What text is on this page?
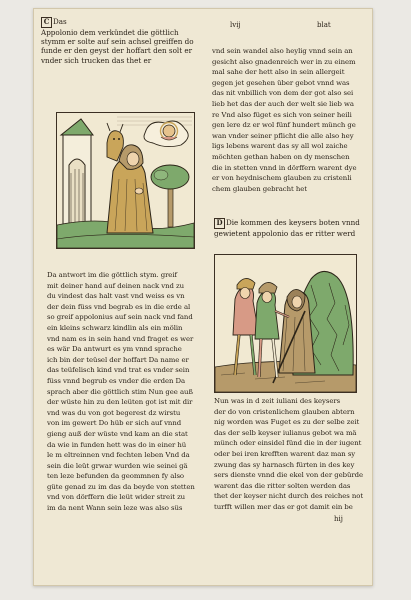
C Das
Appolonio dem verkündet die göttlich
stymm er solte auf sein achsel greiffen do
funde er den geyst der hoffart den solt er
vnder sich trucken das thet er
lvij	blat
Da antwort im die göttlich stym. greif
mit deiner hand auf deinen nack vnd zu
du vindest das halt vast vnd weiss es vn
der dein füss vnd begrab es in die erde al
so greif appolonius auf sein nack vnd fand
ein kleins schwarz kindlin als ein mölin
vnd nam es in sein hand vnd fraget es wer
es wär Da antwurt es ym vnnd sprache
ich bin der teüsel der hoffart Da name er
das teüfelisch kind vnd trat es vnder sein
füss vnnd begrub es vnder die erden Da
sprach aber die göttlich stim Nun gee auß
der wüste hin zu den leüten got ist mit dir
vnd was du von got begerest dz wirstu
von im gewert Do hüb er sich auf vnnd
gieng auß der wüste vnd kam an die stat
da wie in funden hett was do in einer hü
le m eltreinnen vnd fechten leben Vnd da
sein die leüt grwar wurden wie seinei gä
ten leze befunden da geommnen fy also
güte genad zu im das da beyde von stetten
vnd von dörffern die leüt wider streit zu
im da nent Wann sein leze was also süs
vnd sein wandel also heylig vnnd sein an
gesicht also gnadenreich wer in zu einem
mal sahe der hett also in sein allergeit
gegen jet gesehen über gebot vnnd was
das nit vnbillich von dem der got also sei
lieb het das der auch der welt sie lieb wa
re Vnd also füget es sich von seiner heili
gen lere dz er wol fünf hundert münch ge
wan vnder seiner pflicht die alle also hey
ligs lebens warent das sy all wol zaiche
möchten gethan haben on dy menschen
die in stetten vnnd in dörffern warent dye
er von heydnischem glauben zu cristenli
chem glauben gebracht het
D Die kommen des keysers boten vnnd
gewietent appolonio das er ritter werd
Nun was in d zeit iuliani des keysers
der do von cristenlichem glauben abtern
nig worden was Fuget es zu der selbe zeit
das der selb keyser iulianus gebot wa mä
münch oder einsidel fünd die in der iugent
oder bei iren krefften warent daz man sy
zwung das sy harnasch fürten in des key
sers dienste vnnd die ekel von der gebürde
warent das die ritter solten werden das
thet der keyser nicht durch des reiches not
turfft willen mer das er got damit ein be
hij
